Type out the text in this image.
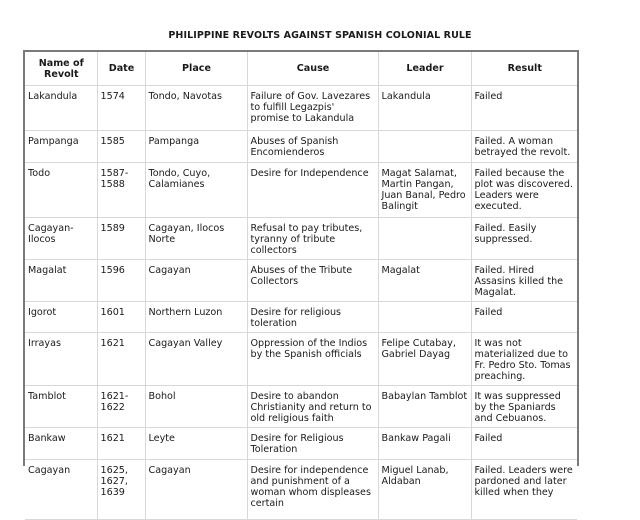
PHILIPPINE REVOLTS AGAINST SPANISH COLONIAL RULE
Name of Revolt	Date	Place	Cause	Leader	Result
Lakandula	1574	Tondo, Navotas	Failure of Gov. Lavezares to fulfill Legazpis' promise to Lakandula	Lakandula	Failed
Pampanga	1585	Pampanga	Abuses of Spanish Encomienderos		Failed. A woman betrayed the revolt.
Todo	1587-1588	Tondo, Cuyo, Calamianes	Desire for Independence	Magat Salamat, Martin Pangan, Juan Banal, Pedro Balingit	Failed because the plot was discovered. Leaders were executed.
Cagayan-Ilocos	1589	Cagayan, Ilocos Norte	Refusal to pay tributes, tyranny of tribute collectors		Failed. Easily suppressed.
Magalat	1596	Cagayan	Abuses of the Tribute Collectors	Magalat	Failed. Hired Assasins killed the Magalat.
Igorot	1601	Northern Luzon	Desire for religious toleration		Failed
Irrayas	1621	Cagayan Valley	Oppression of the Indios by the Spanish officials	Felipe Cutabay, Gabriel Dayag	It was not materialized due to Fr. Pedro Sto. Tomas preaching.
Tamblot	1621-1622	Bohol	Desire to abandon Christianity and return to old religious faith	Babaylan Tamblot	It was suppressed by the Spaniards and Cebuanos.
Bankaw	1621	Leyte	Desire for Religious Toleration	Bankaw Pagali	Failed
Cagayan	1625, 1627, 1639	Cagayan	Desire for independence and punishment of a woman whom displeases certain	Miguel Lanab, Aldaban	Failed. Leaders were pardoned and later killed when they
